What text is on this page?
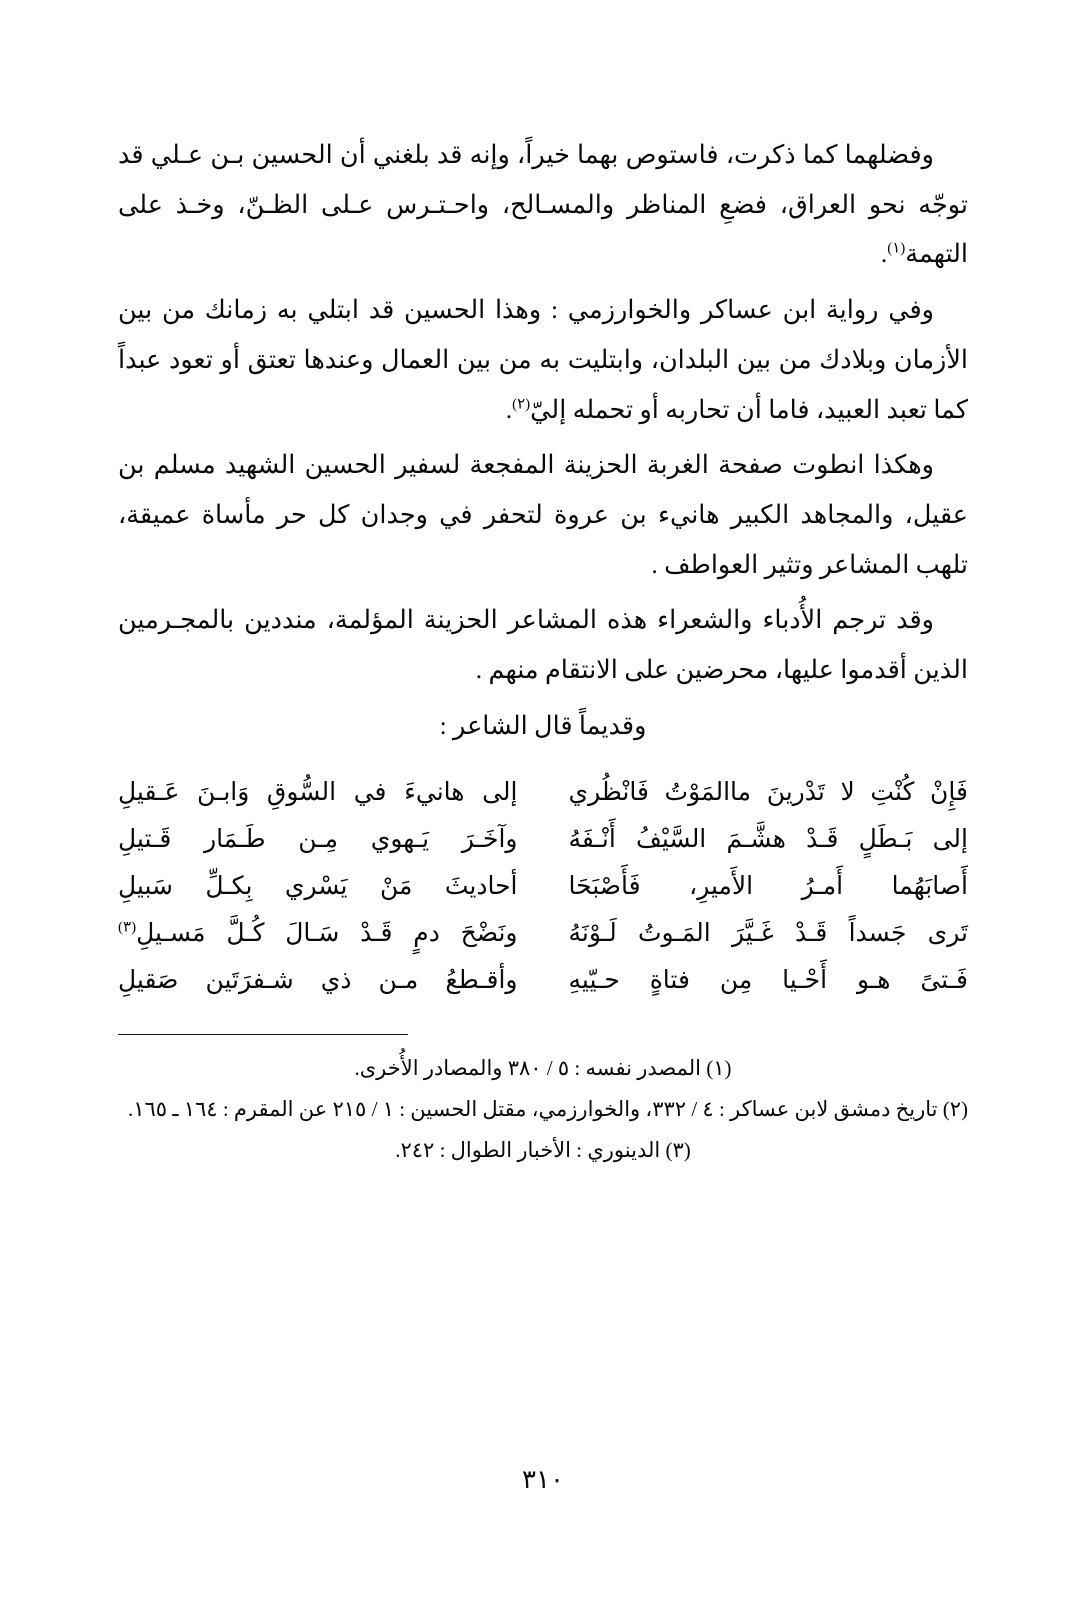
وفضلهما كما ذكرت، فاستوص بهما خيراً، وإنه قد بلغني أن الحسين بـن عـلي قد توجّه نحو العراق، فضعِ المناظر والمسـالح، واحـتـرس عـلى الظـنّ، وخـذ على التهمة$^{(١)}$.

وفي رواية ابن عساكر والخوارزمي : وهذا الحسين قد ابتلي به زمانك من بين الأزمان وبلادك من بين البلدان، وابتليت به من بين العمال وعندها تعتق أو تعود عبداً كما تعبد العبيد، فاما أن تحاربه أو تحمله إليّ$^{(٢)}$.

وهكذا انطوت صفحة الغربة الحزينة المفجعة لسفير الحسين الشهيد مسلم بن عقيل، والمجاهد الكبير هانيء بن عروة لتحفر في وجدان كل حر مأساة عميقة، تلهب المشاعر وتثير العواطف .

وقد ترجم الأُدباء والشعراء هذه المشاعر الحزينة المؤلمة، منددين بالمجـرمين الذين أقدموا عليها، محرضين على الانتقام منهم .

وقديماً قال الشاعر :

فَإِنْ كُنْتِ لا تَدْرينَ ماالمَوْتُ فَانْظُري
إلى هانيءَ في السُّوقِ وَابـنَ عَـقيلِ
إلى بَـطَلٍ قَـدْ هشَّـمَ السَّيْفُ أَنْـفَهُ
وآخَـرَ يَـهوي مِـن طَـمَار قَـتيلِ
أَصابَهُما أَمـرُ الأَميرِ، فَأَصْبَحَا
أحاديثَ مَنْ يَسْري بِكـلِّ سَبيلِ
تَرى جَسداً قَـدْ غَـيَّرَ المَـوتُ لَـوْنَهُ
ونَضْحَ دمٍ قَـدْ سَـالَ كُـلَّ مَسـيلِ$^{(٣)}$
فَـتىً هـو أَحْـيا مِن فتاةٍ حـيّيهِ
وأقـطعُ مـن ذي شـفرَتَين صَقيلِ
(١) المصدر نفسه : ٥ / ٣٨٠ والمصادر الأُخرى.
(٢) تاريخ دمشق لابن عساكر : ٤ / ٣٣٢، والخوارزمي، مقتل الحسين : ١ / ٢١٥ عن المقرم : ١٦٤ ـ ١٦٥.
(٣) الدينوري : الأخبار الطوال : ٢٤٢.
٣١٠
